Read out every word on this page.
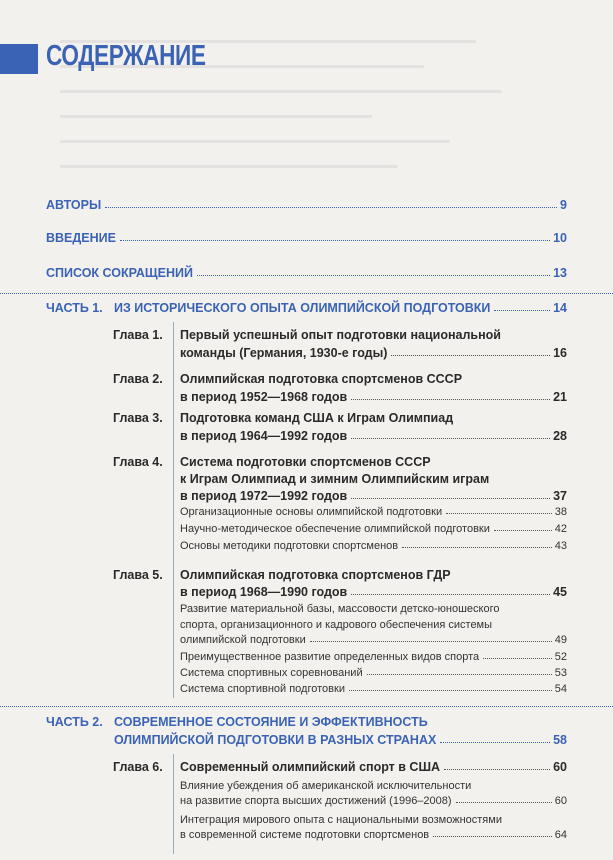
СОДЕРЖАНИЕ
АВТОРЫ	9
ВВЕДЕНИЕ	10
СПИСОК СОКРАЩЕНИЙ	13
ЧАСТЬ 1. ИЗ ИСТОРИЧЕСКОГО ОПЫТА ОЛИМПИЙСКОЙ ПОДГОТОВКИ	14
Глава 1. Первый успешный опыт подготовки национальной
команды (Германия, 1930-е годы)	16
Глава 2. Олимпийская подготовка спортсменов СССР
в период 1952—1968 годов	21
Глава 3. Подготовка команд США к Играм Олимпиад
в период 1964—1992 годов	28
Глава 4. Система подготовки спортсменов СССР
к Играм Олимпиад и зимним Олимпийским играм
в период 1972—1992 годов	37
Организационные основы олимпийской подготовки	38
Научно-методическое обеспечение олимпийской подготовки	42
Основы методики подготовки спортсменов	43
Глава 5. Олимпийская подготовка спортсменов ГДР
в период 1968—1990 годов	45
Развитие материальной базы, массовости детско-юношеского
спорта, организационного и кадрового обеспечения системы
олимпийской подготовки	49
Преимущественное развитие определенных видов спорта	52
Система спортивных соревнований	53
Система спортивной подготовки	54
ЧАСТЬ 2. СОВРЕМЕННОЕ СОСТОЯНИЕ И ЭФФЕКТИВНОСТЬ
ОЛИМПИЙСКОЙ ПОДГОТОВКИ В РАЗНЫХ СТРАНАХ	58
Глава 6. Современный олимпийский спорт в США	60
Влияние убеждения об американской исключительности
на развитие спорта высших достижений (1996–2008)	60
Интеграция мирового опыта с национальными возможностями
в современной системе подготовки спортсменов	64
